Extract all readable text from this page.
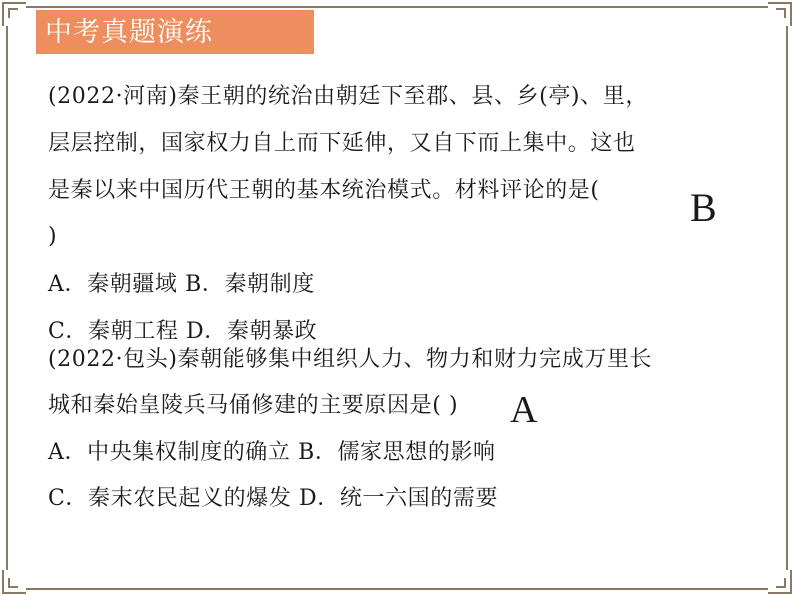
中考真题演练
(2022·河南)秦王朝的统治由朝廷下至郡、县、乡(亭)、里，
层层控制，国家权力自上而下延伸，又自下而上集中。这也
是秦以来中国历代王朝的基本统治模式。材料评论的是(
)
B
A．秦朝疆域 B．秦朝制度
C．秦朝工程 D．秦朝暴政
(2022·包头)秦朝能够集中组织人力、物力和财力完成万里长
城和秦始皇陵兵马俑修建的主要原因是( ) A
A．中央集权制度的确立 B．儒家思想的影响
C．秦末农民起义的爆发 D．统一六国的需要
